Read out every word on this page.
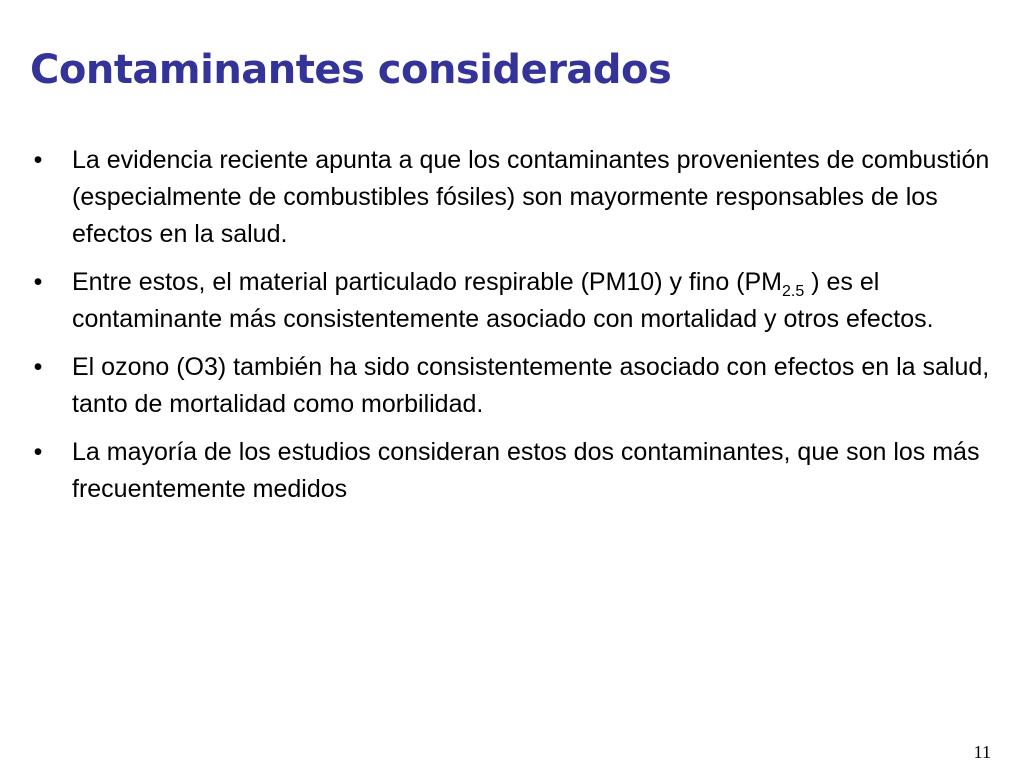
Contaminantes considerados
• La evidencia reciente apunta a que los contaminantes provenientes de combustión (especialmente de combustibles fósiles) son mayormente responsables de los efectos en la salud.
• Entre estos, el material particulado respirable (PM10) y fino ($PM_{2.5}$ ) es el contaminante más consistentemente asociado con mortalidad y otros efectos.
• El ozono (O3) también ha sido consistentemente asociado con efectos en la salud, tanto de mortalidad como morbilidad.
• La mayoría de los estudios consideran estos dos contaminantes, que son los más frecuentemente medidos
11
